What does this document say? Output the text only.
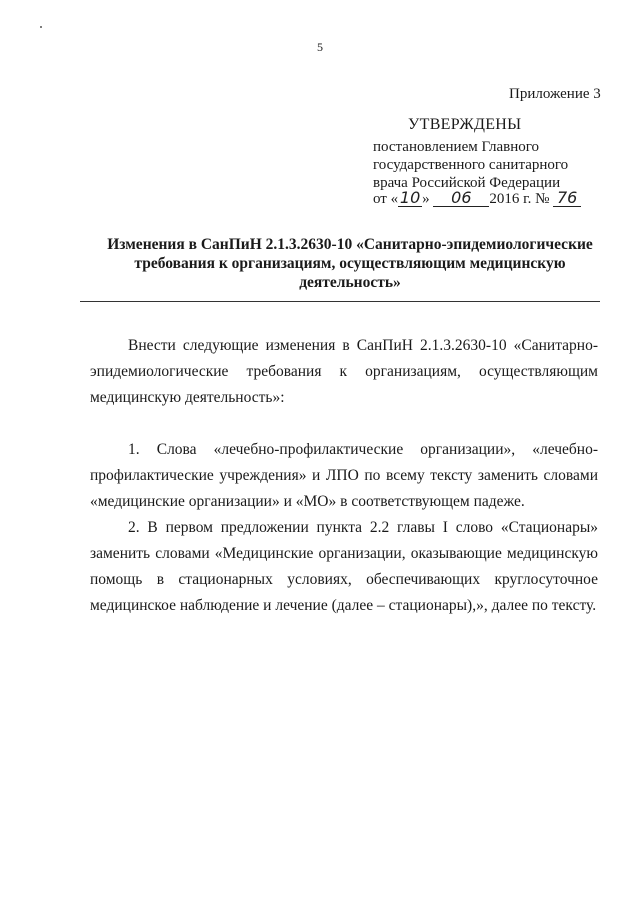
5
Приложение 3
УТВЕРЖДЕНЫ
постановлением Главного
государственного санитарного
врача Российской Федерации
от « 10 » 06 2016 г. № 76
Изменения в СанПиН 2.1.3.2630-10 «Санитарно-эпидемиологические
требования к организациям, осуществляющим медицинскую
деятельность»
Внести следующие изменения в СанПиН 2.1.3.2630-10 «Санитарно-
эпидемиологические требования к организациям, осуществляющим
медицинскую деятельность»:
1. Слова «лечебно-профилактические организации», «лечебно-
профилактические учреждения» и ЛПО по всему тексту заменить словами
«медицинские организации» и «МО» в соответствующем падеже.
2. В первом предложении пункта 2.2 главы I слово «Стационары»
заменить словами «Медицинские организации, оказывающие медицинскую
помощь в стационарных условиях, обеспечивающих круглосуточное
медицинское наблюдение и лечение (далее – стационары),», далее по тексту.
